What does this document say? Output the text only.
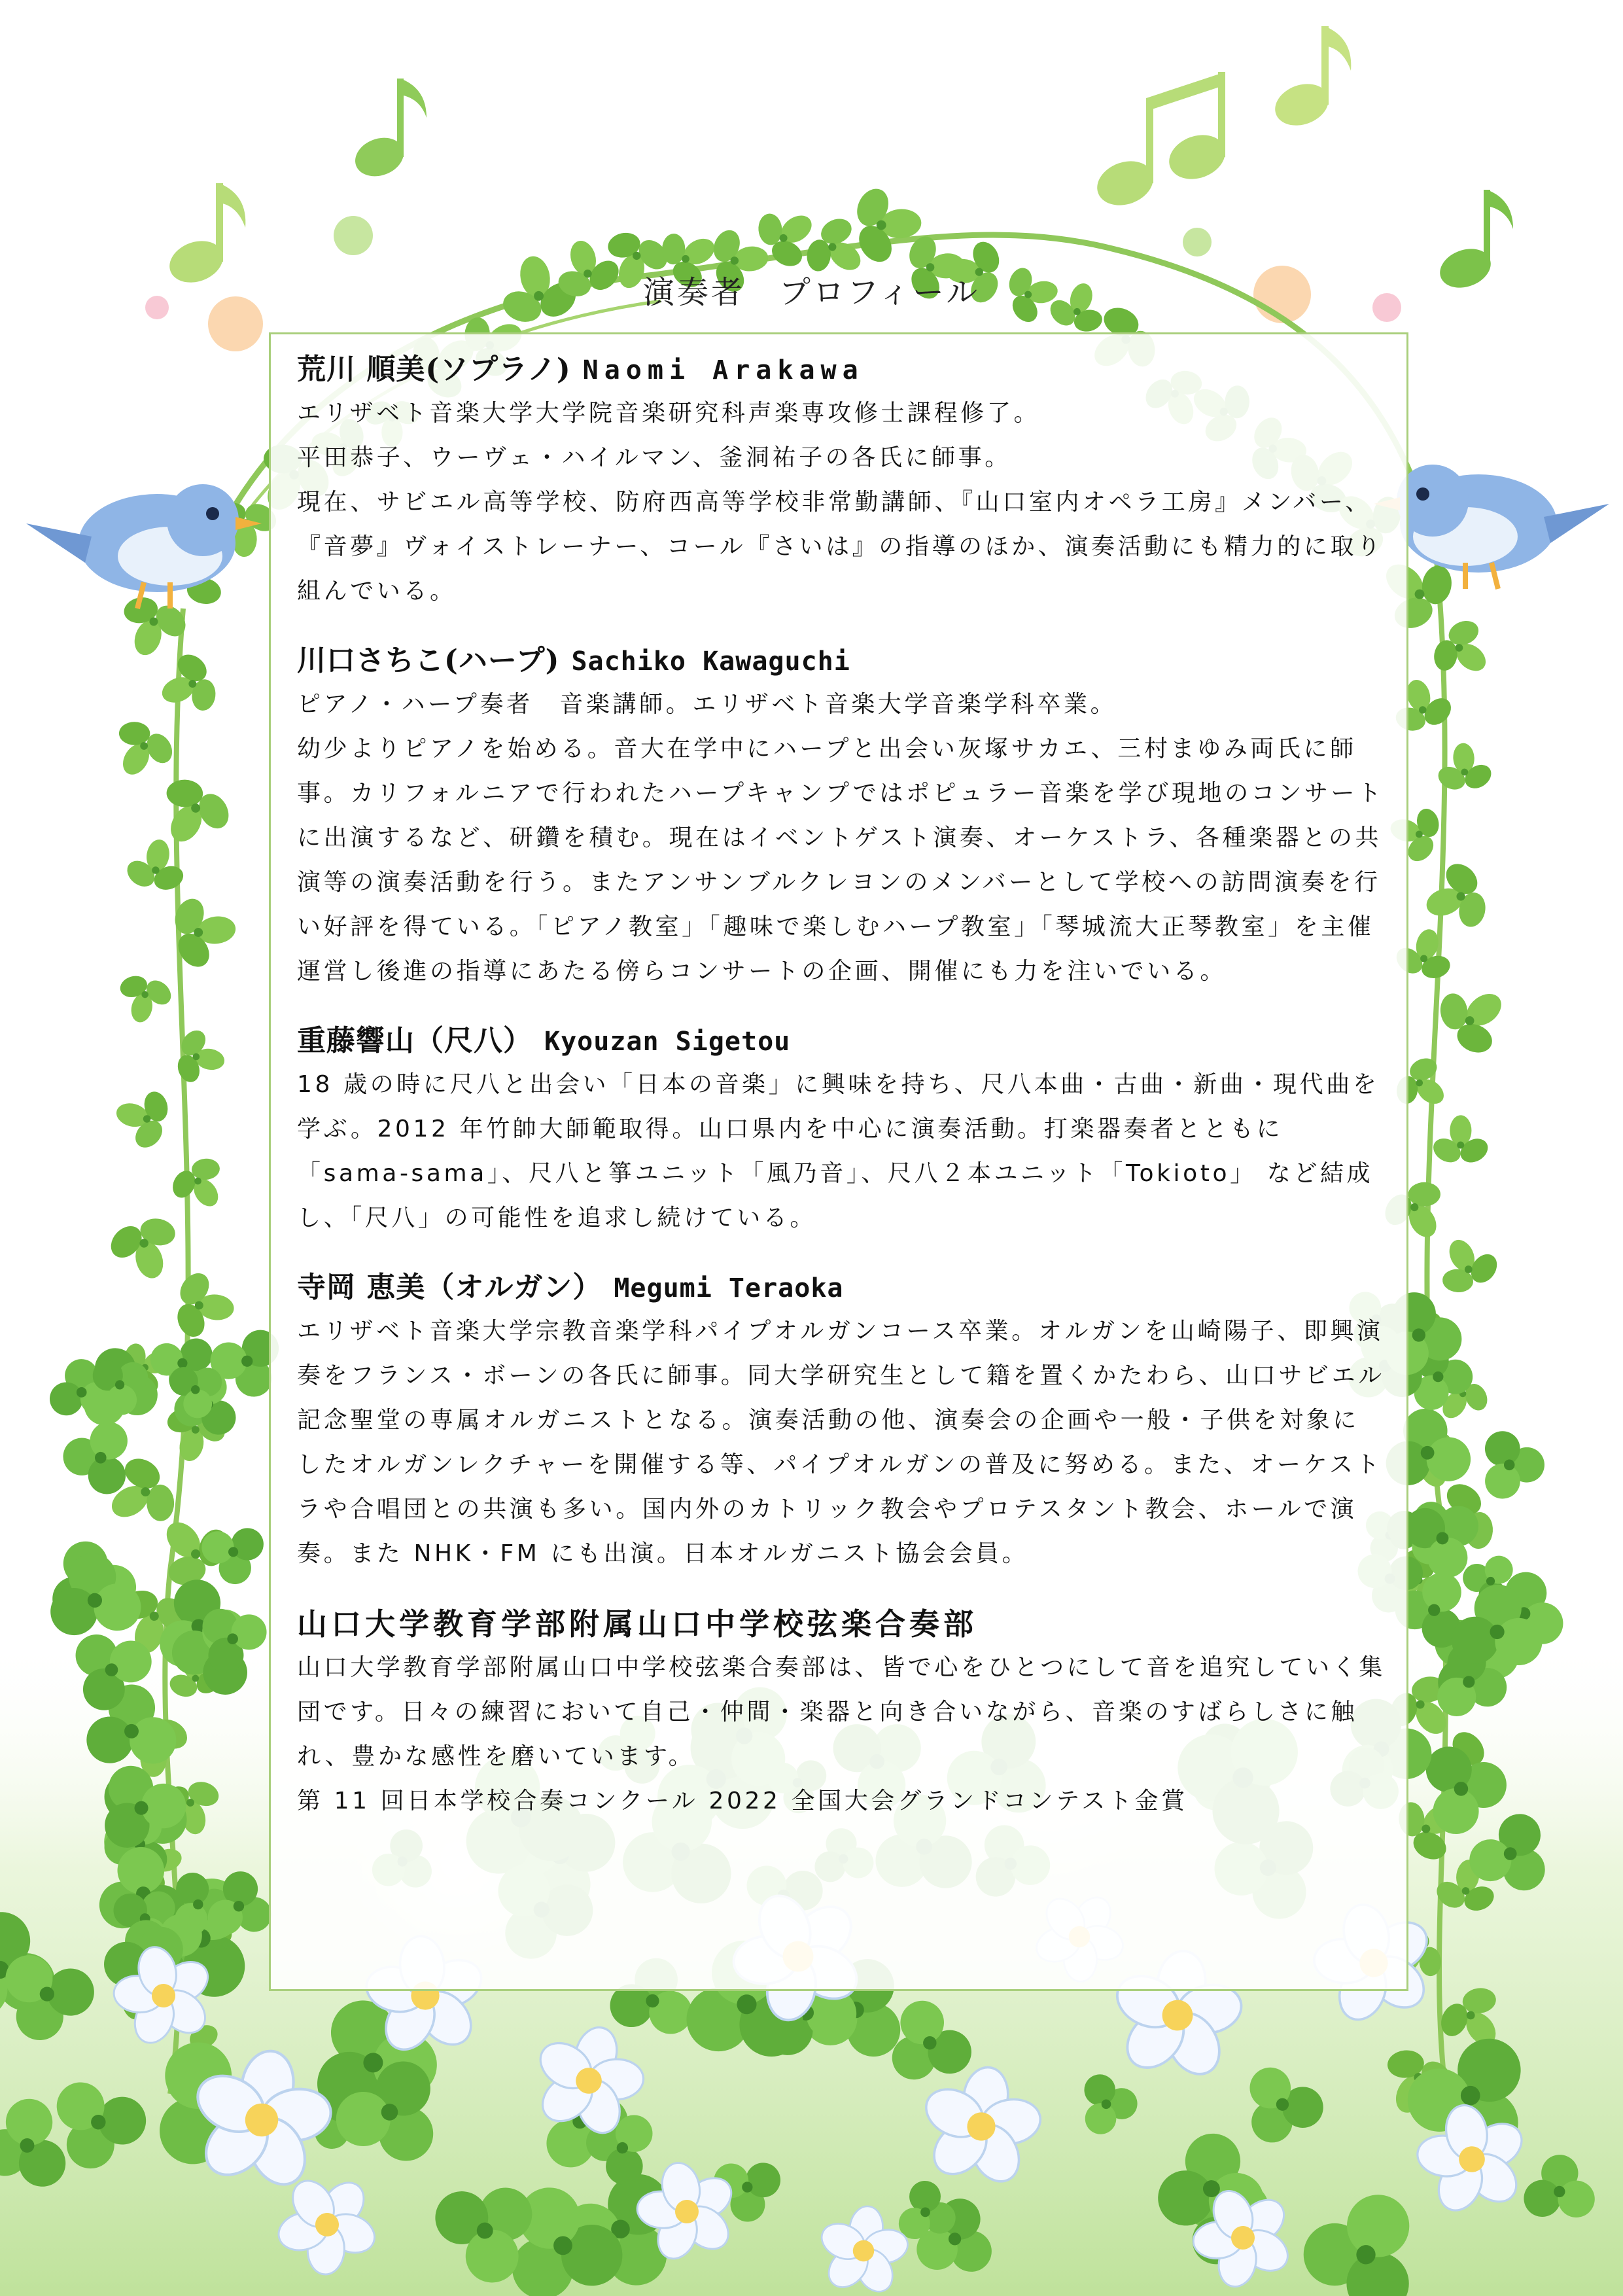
演奏者　プロフィール
荒川 順美(ソプラノ) Naomi Arakawa

エリザベト音楽大学大学院音楽研究科声楽専攻修士課程修了。

平田恭子、ウーヴェ・ハイルマン、釜洞祐子の各氏に師事。

現在、サビエル高等学校、防府西高等学校非常勤講師、『山口室内オペラ工房』メンバー、『音夢』ヴォイストレーナー、コール『さいは』の指導のほか、演奏活動にも精力的に取り組んでいる。

川口さちこ(ハープ) Sachiko Kawaguchi

ピアノ・ハープ奏者　音楽講師。エリザベト音楽大学音楽学科卒業。

幼少よりピアノを始める。音大在学中にハープと出会い灰塚サカエ、三村まゆみ両氏に師事。カリフォルニアで行われたハープキャンプではポピュラー音楽を学び現地のコンサートに出演するなど、研鑽を積む。現在はイベントゲスト演奏、オーケストラ、各種楽器との共演等の演奏活動を行う。またアンサンブルクレヨンのメンバーとして学校への訪問演奏を行い好評を得ている。「ピアノ教室」「趣味で楽しむハープ教室」「琴城流大正琴教室」を主催運営し後進の指導にあたる傍らコンサートの企画、開催にも力を注いでいる。

重藤響山（尺八） Kyouzan Sigetou

18 歳の時に尺八と出会い「日本の音楽」に興味を持ち、尺八本曲・古曲・新曲・現代曲を学ぶ。2012 年竹帥大師範取得。山口県内を中心に演奏活動。打楽器奏者とともに「sama-sama」、尺八と箏ユニット「風乃音」、尺八２本ユニット「Tokioto」 など結成し、「尺八」の可能性を追求し続けている。

寺岡 恵美（オルガン） Megumi Teraoka

エリザベト音楽大学宗教音楽学科パイプオルガンコース卒業。オルガンを山崎陽子、即興演奏をフランス・ボーンの各氏に師事。同大学研究生として籍を置くかたわら、山口サビエル記念聖堂の専属オルガニストとなる。演奏活動の他、演奏会の企画や一般・子供を対象にしたオルガンレクチャーを開催する等、パイプオルガンの普及に努める。また、オーケストラや合唱団との共演も多い。国内外のカトリック教会やプロテスタント教会、ホールで演奏。また NHK・FM にも出演。日本オルガニスト協会会員。

山口大学教育学部附属山口中学校弦楽合奏部

山口大学教育学部附属山口中学校弦楽合奏部は、皆で心をひとつにして音を追究していく集団です。日々の練習において自己・仲間・楽器と向き合いながら、音楽のすばらしさに触れ、豊かな感性を磨いています。

第 11 回日本学校合奏コンクール 2022 全国大会グランドコンテスト金賞
